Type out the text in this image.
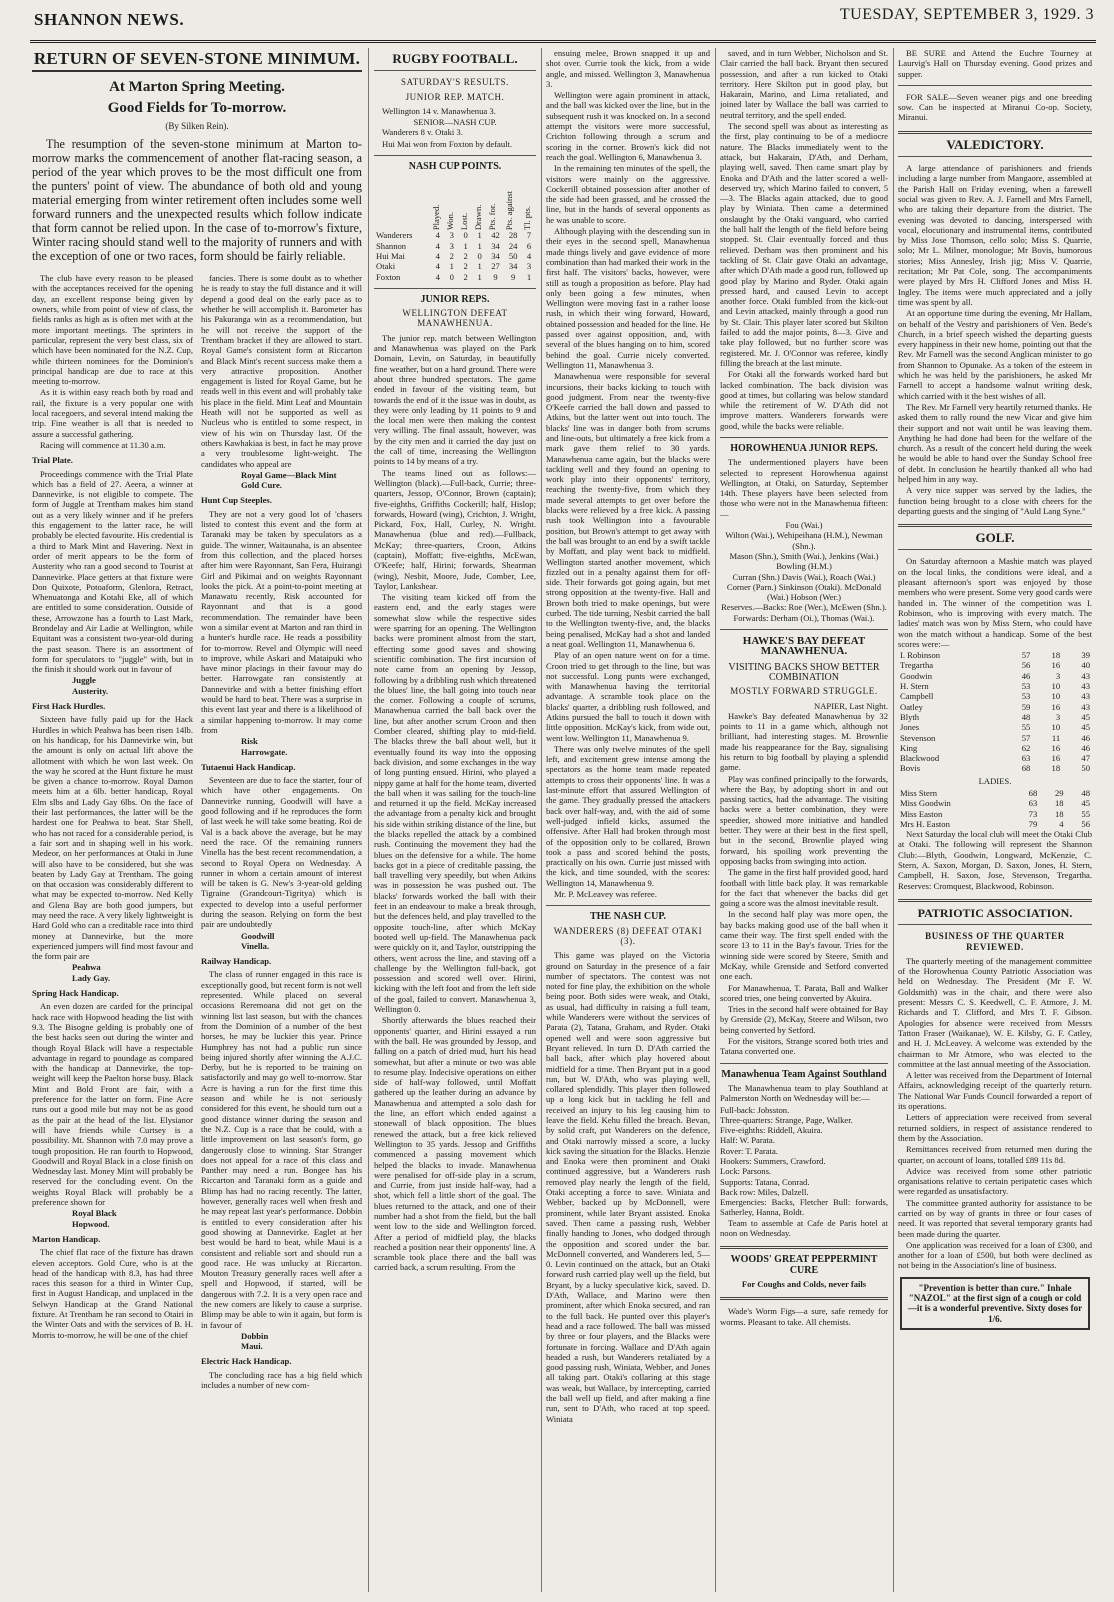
SHANNON NEWS.	TUESDAY, SEPTEMBER 3, 1929. 3
RETURN OF SEVEN-STONE MINIMUM.
At Marton Spring Meeting.
Good Fields for To-morrow.
(By Silken Rein).

The resumption of the seven-stone minimum at Marton to-morrow marks the commencement of another flat-racing season, a period of the year which proves to be the most difficult one from the punters' point of view. The abundance of both old and young material emerging from winter retirement often includes some well forward runners and the unexpected results which follow indicate that form cannot be relied upon. In the case of to-morrow's fixture, Winter racing should stand well to the majority of runners and with the exception of one or two races, form should be fairly reliable.

The club have every reason to be pleased with the acceptances received for the opening day, an excellent response being given by owners, while from point of view of class, the fields ranks as high as is often met with at the more important meetings. The sprinters in particular, represent the very best class, six of which have been nominated for the N.Z. Cup, while thirteen nominees for the Dominion's principal handicap are due to race at this meeting to-morrow.

As it is within easy reach both by road and rail, the fixture is a very popular one with local racegoers, and several intend making the trip. Fine weather is all that is needed to assure a successful gathering.

Racing will commence at 11.30 a.m.

Trial Plate.

Proceedings commence with the Trial Plate which has a field of 27. Aeera, a winner at Dannevirke, is not eligible to compete. The form of Juggle at Trentham makes him stand out as a very likely winner and if he prefers this engagement to the latter race, he will probably be elected favourite. His credential is a third to Mark Mint and Havering. Next in order of merit appears to be the form of Austerity who ran a good second to Tourist at Dannevirke. Place getters at that fixture were Don Quixote, Potoaform, Glenlora, Retract, Whenuatonga and Kotahi Eke, all of which are entitled to some consideration. Outside of these, Arrowzone has a fourth to Last Mark, Brondelay and Air Ladie at Wellington, while Equitant was a consistent two-year-old during the past season. There is an assortment of form for speculators to "juggle" with, but in the finish it should work out in favour of

Juggle
Austerity.
First Hack Hurdles.

Sixteen have fully paid up for the Hack Hurdles in which Peahwa has been risen 14lb. on his handicap, for his Dannevirke win, but the amount is only on actual lift above the allotment with which he won last week. On the way he scored at the Hunt fixture he must be given a chance to-morrow. Royal Damon meets him at a 6lb. better handicap, Royal Elm slbs and Lady Gay 6lbs. On the face of their last performances, the latter will be the hardest one for Peahwa to beat. Star Shell, who has not raced for a considerable period, is a fair sort and in shaping well in his work. Medeor, on her performances at Otaki in June will also have to be considered, but she was beaten by Lady Gay at Trentham. The going on that occasion was considerably different to what may be expected to-morrow. Ned Kelly and Glena Bay are both good jumpers, but may need the race. A very likely lightweight is Hard Gold who can a creditable race into third money at Dannevirke, but the more experienced jumpers will find most favour and the form pair are

Peahwa
Lady Gay.
Spring Hack Handicap.

An even dozen are carded for the principal hack race with Hopwood heading the list with 9.3. The Bisogne gelding is probably one of the best hacks seen out during the winter and though Royal Black will have a respectable advantage in regard to poundage as compared with the handicap at Dannevirke, the top-weight will keep the Paelton horse busy. Black Mint and Bold Front are fair, with a preference for the latter on form. Fine Acre runs out a good mile but may not be as good as the pair at the head of the list. Elysianor will have friends while Curtsey is a possibility. Mt. Shannon with 7.0 may prove a tough proposition. He ran fourth to Hopwood, Goodwill and Royal Black in a close finish on Wednesday last. Money Mint will probably be reserved for the concluding event. On the weights Royal Black will probably be a preference shown for

Royal Black
Hopwood.
Marton Handicap.

The chief flat race of the fixture has drawn eleven acceptors. Gold Cure, who is at the head of the handicap with 8.3, has had three races this season for a third in Winter Cup, first in August Handicap, and unplaced in the Selwyn Handicap at the Grand National fixture. At Trentham he ran second to Otairi in the Winter Oats and with the services of B. H. Morris to-morrow, he will be one of the chief

fancies. There is some doubt as to whether he is ready to stay the full distance and it will depend a good deal on the early pace as to whether he will accomplish it. Barometer has his Pakuranga win as a recommendation, but he will not receive the support of the Trentham bracket if they are allowed to start. Royal Game's consistent form at Riccarton and Black Mint's recent success make them a very attractive proposition. Another engagement is listed for Royal Game, but he reads well in this event and will probably take his place in the field. Mint Leaf and Mountain Heath will not be supported as well as Nucleus who is entitled to some respect, in view of his win on Thursday last. Of the others Kawhakiaa is best, in fact he may prove a very troublesome light-weight. The candidates who appeal are

Royal Game—Black Mint
Gold Cure.
Hunt Cup Steeples.

They are not a very good lot of 'chasers listed to contest this event and the form at Taranaki may be taken by speculators as a guide. The winner, Waitaunaha, is an absentee from this collection, and the placed horses after him were Rayonnant, San Fera, Huirangi Girl and Pikimai and on weights Rayonnant looks the pick. At a point-to-point meeting at Manawatu recently, Risk accounted for Rayonnant and that is a good recommendation. The remainder have been won a similar event at Marton and ran third in a hunter's hurdle race. He reads a possibility for to-morrow. Revel and Olympic will need to improve, while Askari and Mataipuki who have minor placings in their favour may do better. Harrowgate ran consistently at Dannevirke and with a better finishing effort would be hard to beat. There was a surprise in this event last year and there is a likelihood of a similar happening to-morrow. It may come from

Risk
Harrowgate.
Tutaenui Hack Handicap.

Seventeen are due to face the starter, four of which have other engagements. On Dannevirke running, Goodwill will have a good following and if he reproduces the form of last week he will take some beating. Roi de Val is a back above the average, but he may need the race. Of the remaining runners Vinella has the best recent recommendation, a second to Royal Opera on Wednesday. A runner in whom a certain amount of interest will be taken is G. New's 3-year-old gelding Tigraine (Grandcourt-Tigritya) which is expected to develop into a useful performer during the season. Relying on form the best pair are undoubtedly

Goodwill
Vinella.
Railway Handicap.

The class of runner engaged in this race is exceptionally good, but recent form is not well represented. While placed on several occasions Reremoana did not get on the winning list last season, but with the chances from the Dominion of a number of the best horses, he may be luckier this year. Prince Humphrey has not had a public run since being injured shortly after winning the A.J.C. Derby, but he is reported to be training on satisfactorily and may go well to-morrow. Star Acre is having a run for the first time this season and while he is not seriously considered for this event, he should turn out a good distance winner during the season and the N.Z. Cup is a race that he could, with a little improvement on last season's form, go dangerously close to winning. Star Stranger does not appeal for a race of this class and Panther may need a run. Bongee has his Riccarton and Taranaki form as a guide and Blimp has had no racing recently. The latter, however, generally races well when fresh and he may repeat last year's performance. Dobbin is entitled to every consideration after his good showing at Dannevirke. Eaglet at her best would be hard to beat, while Maui is a consistent and reliable sort and should run a good race. He was unlucky at Riccarton. Mouton Treasury generally races well after a spell and Hopwood, if started, will be dangerous with 7.2. It is a very open race and the new comers are likely to cause a surprise. Blimp may be able to win it again, but form is in favour of

Dobbin
Maui.
Electric Hack Handicap.

The concluding race has a big field which includes a number of new com-

RUGBY FOOTBALL.
SATURDAY'S RESULTS.
JUNIOR REP. MATCH.

Wellington 14 v. Manawhenua 3.

SENIOR—NASH CUP.

Wanderers 8 v. Otaki 3.

Hui Mai won from Foxton by default.

NASH CUP POINTS.
	Played.	Won.	Lost.	Drawn.	Pts. for.	Pts. against	Tl. pts.
Wanderers	4	3	0	1	42	28	7
Shannon	4	3	1	1	34	24	6
Hui Mai	4	2	2	0	34	50	4
Otaki	4	1	2	1	27	34	3
Foxton	4	0	2	1	9	9	1
JUNIOR REPS.
WELLINGTON DEFEAT MANAWHENUA.

The junior rep. match between Wellington and Manawhenua was played on the Park Domain, Levin, on Saturday, in beautifully fine weather, but on a hard ground. There were about three hundred spectators. The game ended in favour of the visiting team, but towards the end of it the issue was in doubt, as they were only leading by 11 points to 9 and the local men were then making the contest very willing. The final assault, however, was by the city men and it carried the day just on the call of time, increasing the Wellington points to 14 by means of a try.

The teams lined out as follows:— Wellington (black).—Full-back, Currie; three-quarters, Jessop, O'Connor, Brown (captain); five-eighths, Griffiths Cockerill; half, Hislop; forwards, Howard (wing), Crichton, J. Wright, Pickard, Fox, Hall, Curley, N. Wright. Manawhenua (blue and red).—Fullback, McKay; three-quarters, Croon, Atkins (captain), Moffatt; five-eighths, McEwan, O'Keefe; half, Hirini; forwards, Shearman (wing), Nesbit, Moore, Jude, Comber, Lee, Taylor, Lankshear.

The visiting team kicked off from the eastern end, and the early stages were somewhat slow while the respective sides were sparring for an opening. The Wellington backs were prominent almost from the start, effecting some good saves and showing scientific combination. The first incursion of note came from an opening by Jessop, following by a dribbling rush which threatened the blues' line, the ball going into touch near the corner. Following a couple of scrums, Manawhenua carried the ball back over the line, but after another scrum Croon and then Comber cleared, shifting play to mid-field. The blacks threw the ball about well, but it eventually found its way into the opposing back division, and some exchanges in the way of long punting ensued. Hirini, who played a nippy game at half for the home team, diverted the ball when it was sailing for the touch-line and returned it up the field. McKay increased the advantage from a penalty kick and brought his side within striking distance of the line, but the blacks repelled the attack by a combined rush. Continuing the movement they had the blues on the defensive for a while. The home backs got in a piece of creditable passing, the ball travelling very speedily, but when Atkins was in possession he was pushed out. The blacks' forwards worked the ball with their feet in an endeavour to make a break through, but the defences held, and play travelled to the opposite touch-line, after which McKay booted well up-field. The Manawhenua pack were quickly on it, and Taylor, outstripping the others, went across the line, and staving off a challenge by the Wellington full-back, got possession and scored well over. Hirini, kicking with the left foot and from the left side of the goal, failed to convert. Manawhenua 3, Wellington 0.

Shortly afterwards the blues reached their opponents' quarter, and Hirini essayed a run with the ball. He was grounded by Jessop, and falling on a patch of dried mud, hurt his head somewhat, but after a minute or two was able to resume play. Indecisive operations on either side of half-way followed, until Moffatt gathered up the leather during an advance by Manawhenua and attempted a solo dash for the line, an effort which ended against a stonewall of black opposition. The blues renewed the attack, but a free kick relieved Wellington to 35 yards. Jessop and Griffiths commenced a passing movement which helped the blacks to invade. Manawhenua were penalised for off-side play in a scrum, and Currie, from just inside half-way, had a shot, which fell a little short of the goal. The blues returned to the attack, and one of their number had a shot from the field, but the ball went low to the side and Wellington forced. After a period of midfield play, the blacks reached a position near their opponents' line. A scramble took place there and the ball was carried back, a scrum resulting. From the

ensuing melee, Brown snapped it up and shot over. Currie took the kick, from a wide angle, and missed. Wellington 3, Manawhenua 3.

Wellington were again prominent in attack, and the ball was kicked over the line, but in the subsequent rush it was knocked on. In a second attempt the visitors were more successful, Crichton following through a scrum and scoring in the corner. Brown's kick did not reach the goal. Wellington 6, Manawhenua 3.

In the remaining ten minutes of the spell, the visitors were mainly on the aggressive. Cockerill obtained possession after another of the side had been grassed, and he crossed the line, but in the hands of several opponents as he was unable to score.

Although playing with the descending sun in their eyes in the second spell, Manawhenua made things lively and gave evidence of more combination than had marked their work in the first half. The visitors' backs, however, were still as tough a proposition as before. Play had only been going a few minutes, when Wellington were moving fast in a rather loose rush, in which their wing forward, Howard, obtained possession and headed for the line. He passed over against opposition, and, with several of the blues hanging on to him, scored behind the goal. Currie nicely converted. Wellington 11, Manawhenua 3.

Manawhenua were responsible for several incursions, their backs kicking to touch with good judgment. From near the twenty-five O'Keefe carried the ball down and passed to Atkins, but the latter went out into touch. The blacks' line was in danger both from scrums and line-outs, but ultimately a free kick from a mark gave them relief to 30 yards. Manawhenua came again, but the blacks were tackling well and they found an opening to work play into their opponents' territory, reaching the twenty-five, from which they made several attempts to get over before the blacks were relieved by a free kick. A passing rush took Wellington into a favourable position, but Brown's attempt to get away with the ball was brought to an end by a swift tackle by Moffatt, and play went back to midfield. Wellington started another movement, which fizzled out in a penalty against them for off-side. Their forwards got going again, but met strong opposition at the twenty-five. Hall and Brown both tried to make openings, but were curbed. The tide turning, Nesbit carried the ball to the Wellington twenty-five, and, the blacks being penalised, McKay had a shot and landed a neat goal. Wellington 11, Manawhenua 6.

Play of an open nature went on for a time. Croon tried to get through to the line, but was not successful. Long punts were exchanged, with Manawhenua having the territorial advantage. A scramble took place on the blacks' quarter, a dribbling rush followed, and Atkins pursued the ball to touch it down with little opposition. McKay's kick, from wide out, went low. Wellington 11, Manawhenua 9.

There was only twelve minutes of the spell left, and excitement grew intense among the spectators as the home team made repeated attempts to cross their opponents' line. It was a last-minute effort that assured Wellington of the game. They gradually pressed the attackers back over half-way, and, with the aid of some well-judged infield kicks, assumed the offensive. After Hall had broken through most of the opposition only to be collared, Brown took a pass and scored behind the posts, practically on his own. Currie just missed with the kick, and time sounded, with the scores: Wellington 14, Manawhenua 9.

Mr. P. McLeavey was referee.

THE NASH CUP.
WANDERERS (8) DEFEAT OTAKI (3).

This game was played on the Victoria ground on Saturday in the presence of a fair number of spectators. The contest was not noted for fine play, the exhibition on the whole being poor. Both sides were weak, and Otaki, as usual, had difficulty in raising a full team, while Wanderers were without the services of Parata (2), Tatana, Graham, and Ryder. Otaki opened well and were soon aggressive but Bryant relieved. In turn D. D'Ath carried the ball back, after which play hovered about midfield for a time. Then Bryant put in a good run, but W. D'Ath, who was playing well, collared splendidly. This player then followed up a long kick but in tackling he fell and received an injury to his leg causing him to leave the field. Kehu filled the breach. Bevan, by solid craft, put Wanderers on the defence, and Otaki narrowly missed a score, a lucky kick saving the situation for the Blacks. Henzie and Enoka were then prominent and Otaki continued aggressive, but a Wanderers rush removed play nearly the length of the field, Otaki accepting a force to save. Winiata and Webber, backed up by McDonnell, were prominent, while later Bryant assisted. Enoka saved. Then came a passing rush, Webber finally handing to Jones, who dodged through the opposition and scored under the bar. McDonnell converted, and Wanderers led, 5—0. Levin continued on the attack, but an Otaki forward rush carried play well up the field, but Bryant, by a lucky speculative kick, saved. D. D'Ath, Wallace, and Marino were then prominent, after which Enoka secured, and ran to the full back. He punted over this player's head and a race followed. The ball was missed by three or four players, and the Blacks were fortunate in forcing. Wallace and D'Ath again headed a rush, but Wanderers retaliated by a good passing rush, Winiata, Webber, and Jones all taking part. Otaki's collaring at this stage was weak, but Wallace, by intercepting, carried the ball well up field, and after making a fine run, sent to D'Ath, who raced at top speed. Winiata

saved, and in turn Webber, Nicholson and St. Clair carried the ball back. Bryant then secured possession, and after a run kicked to Otaki territory. Here Skilton put in good play, but Hakarain, Marino, and Lima retaliated, and joined later by Wallace the ball was carried to neutral territory, and the spell ended.

The second spell was about as interesting as the first, play continuing to be of a mediocre nature. The Blacks immediately went to the attack, but Hakarain, D'Ath, and Derham, playing well, saved. Then came smart play by Enoka and D'Ath and the latter scored a well-deserved try, which Marino failed to convert, 5—3. The Blacks again attacked, due to good play by Winiata. Then came a determined onslaught by the Otaki vanguard, who carried the ball half the length of the field before being stopped. St. Clair eventually forced and thus relieved. Derham was then prominent and his tackling of St. Clair gave Otaki an advantage, after which D'Ath made a good run, followed up good play by Marino and Ryder. Otaki again pressed hard, and caused Levin to accept another force. Otaki fumbled from the kick-out and Levin attacked, mainly through a good run by St. Clair. This player later scored but Skilton failed to add the major points, 8—3. Give and take play followed, but no further score was registered. Mr. J. O'Connor was referee, kindly filling the breach at the last minute.

For Otaki all the forwards worked hard but lacked combination. The back division was good at times, but collaring was below standard while the retirement of W. D'Ath did not improve matters. Wanderers forwards were good, while the backs were reliable.

HOROWHENUA JUNIOR REPS.

The undermentioned players have been selected to represent Horowhenua against Wellington, at Otaki, on Saturday, September 14th. These players have been selected from those who were not in the Manawhenua fifteen:—

Fou (Wai.)
Wilton (Wai.), Wehipeihana (H.M.), Newman (Shn.).
Mason (Shn.), Smith (Wai.), Jenkins (Wai.)
Bowling (H.M.)
Curran (Shn.) Davis (Wai.), Roach (Wai.)
Corner (Parn.) Sinkinson (Otaki). McDonald (Wai.) Hobson (Wer.)
Reserves.—Backs: Roe (Wer.), McEwen (Shn.). Forwards: Derham (Oi.), Thomas (Wai.).
HAWKE'S BAY DEFEAT MANAWHENUA.
VISITING BACKS SHOW BETTER COMBINATION
MOSTLY FORWARD STRUGGLE.
NAPIER, Last Night.

Hawke's Bay defeated Manawhenua by 32 points to 11 in a game which, although not brilliant, had interesting stages. M. Brownlie made his reappearance for the Bay, signalising his return to big football by playing a splendid game.

Play was confined principally to the forwards, where the Bay, by adopting short in and out passing tactics, had the advantage. The visiting backs were a better combination, they were speedier, showed more initiative and handled better. They were at their best in the first spell, but in the second, Brownlie played wing forward, his spoiling work preventing the opposing backs from swinging into action.

The game in the first half provided good, hard football with little back play. It was remarkable for the fact that whenever the backs did get going a score was the almost inevitable result.

In the second half play was more open, the bay backs making good use of the ball when it came their way. The first spell ended with the score 13 to 11 in the Bay's favour. Tries for the winning side were scored by Steere, Smith and McKay, while Grenside and Setford converted one each.

For Manawhenua, T. Parata, Ball and Walker scored tries, one being converted by Akuira.

Tries in the second half were obtained for Bay by Grenside (2), McKay, Steere and Wilson, two being converted by Setford.

For the visitors, Strange scored both tries and Tatana converted one.

Manawhenua Team Against Southland

The Manawhenua team to play Southland at Palmerston North on Wednesday will be:—

Full-back: Jobsston.
Three-quarters: Strange, Page, Walker.
Five-eighths: Riddell, Akuira.
Half: W. Parata.
Rover: T. Parata.
Hookers: Summers, Crawford.
Lock: Parsons.
Supports: Tatana, Conrad.
Back row: Miles, Dalzell.
Emergencies: Backs, Fletcher Bull: forwards, Satherley, Hanna, Boldt.

Team to assemble at Cafe de Paris hotel at noon on Wednesday.

WOODS' GREAT PEPPERMINT CURE
For Coughs and Colds, never fails

Wade's Worm Figs—a sure, safe remedy for worms. Pleasant to take. All chemists.

BE SURE and Attend the Euchre Tourney at Laurvig's Hall on Thursday evening. Good prizes and supper.

FOR SALE—Seven weaner pigs and one breeding sow. Can be inspected at Miranui Co-op. Society, Miranui.

VALEDICTORY.

A large attendance of parishioners and friends including a large number from Mangaore, assembled at the Parish Hall on Friday evening, when a farewell social was given to Rev. A. J. Farnell and Mrs Farnell, who are taking their departure from the district. The evening was devoted to dancing, interspersed with vocal, elocutionary and instrumental items, contributed by Miss Jose Thomson, cello solo; Miss S. Quarrie, solo; Mr L. Milner, monologue; Mr Bovis, humorous stories; Miss Annesley, Irish jig; Miss V. Quarrie, recitation; Mr Pat Cole, song. The accompaniments were played by Mrs H. Clifford Jones and Miss H. Ingley. The items were much appreciated and a jolly time was spent by all.

At an opportune time during the evening, Mr Hallam, on behalf of the Vestry and parishioners of Ven. Bede's Church, in a brief speech wished the departing guests every happiness in their new home, pointing out that the Rev. Mr Farnell was the second Anglican minister to go from Shannon to Opunake. As a token of the esteem in which he was held by the parishioners, he asked Mr Farnell to accept a handsome walnut writing desk, which carried with it the best wishes of all.

The Rev. Mr Farnell very heartily returned thanks. He asked them to rally round the new Vicar and give him their support and not wait until he was leaving them. Anything he had done had been for the welfare of the church. As a result of the concert held during the week he would be able to hand over the Sunday School free of debt. In conclusion he heartily thanked all who had helped him in any way.

A very nice supper was served by the ladies, the function being brought to a close with cheers for the departing guests and the singing of "Auld Lang Syne."

GOLF.

On Saturday afternoon a Mashie match was played on the local links, the conditions were ideal, and a pleasant afternoon's sport was enjoyed by those members who were present. Some very good cards were handed in. The winner of the competition was I. Robinson, who is improving with every match. The ladies' match was won by Miss Stern, who could have won the match without a handicap. Some of the best scores were:—

I. Robinson	57	18	39
Tregartha	56	16	40
Goodwin	46	3	43
H. Stern	53	10	43
Campbell	53	10	43
Oatley	59	16	43
Blyth	48	3	45
Jones	55	10	45
Stevenson	57	11	46
King	62	16	46
Blackwood	63	16	47
Bovis	68	18	50
LADIES.
Miss Stern	68	29	48
Miss Goodwin	63	18	45
Miss Easton	73	18	55
Mrs H. Easton	79	4	56

Next Saturday the local club will meet the Otaki Club at Otaki. The following will represent the Shannon Club:—Blyth, Goodwin, Longward, McKenzie, C. Stern, A. Saxon, Morgan, D. Saxon, Jones, H. Stern, Campbell, H. Saxon, Jose, Stevenson, Tregartha. Reserves: Cromquest, Blackwood, Robinson.

PATRIOTIC ASSOCIATION.
BUSINESS OF THE QUARTER REVIEWED.

The quarterly meeting of the management committee of the Horowhenua County Patriotic Association was held on Wednesday. The President (Mr F. W. Goldsmith) was in the chair, and there were also present: Messrs C. S. Keedwell, C. F. Atmore, J. M. Richards and T. Clifford, and Mrs T. F. Gibson. Apologies for absence were received from Messrs Tatton Fraser (Waikanae), W. E. Kilsby, G. F. Catley, and H. J. McLeavey. A welcome was extended by the chairman to Mr Atmore, who was elected to the committee at the last annual meeting of the Association.

A letter was received from the Department of Internal Affairs, acknowledging receipt of the quarterly return. The National War Funds Council forwarded a report of its operations.

Letters of appreciation were received from several returned soldiers, in respect of assistance rendered to them by the Association.

Remittances received from returned men during the quarter, on account of loans, totalled £89 11s 8d.

Advice was received from some other patriotic organisations relative to certain peripatetic cases which were regarded as unsatisfactory.

The committee granted authority for assistance to be carried on by way of grants in three or four cases of need. It was reported that several temporary grants had been made during the quarter.

One application was received for a loan of £300, and another for a loan of £500, but both were declined as not being in the Association's line of business.

"Prevention is better than cure." Inhale "NAZOL" at the first sign of a cough or cold—it is a wonderful preventive. Sixty doses for 1/6.
